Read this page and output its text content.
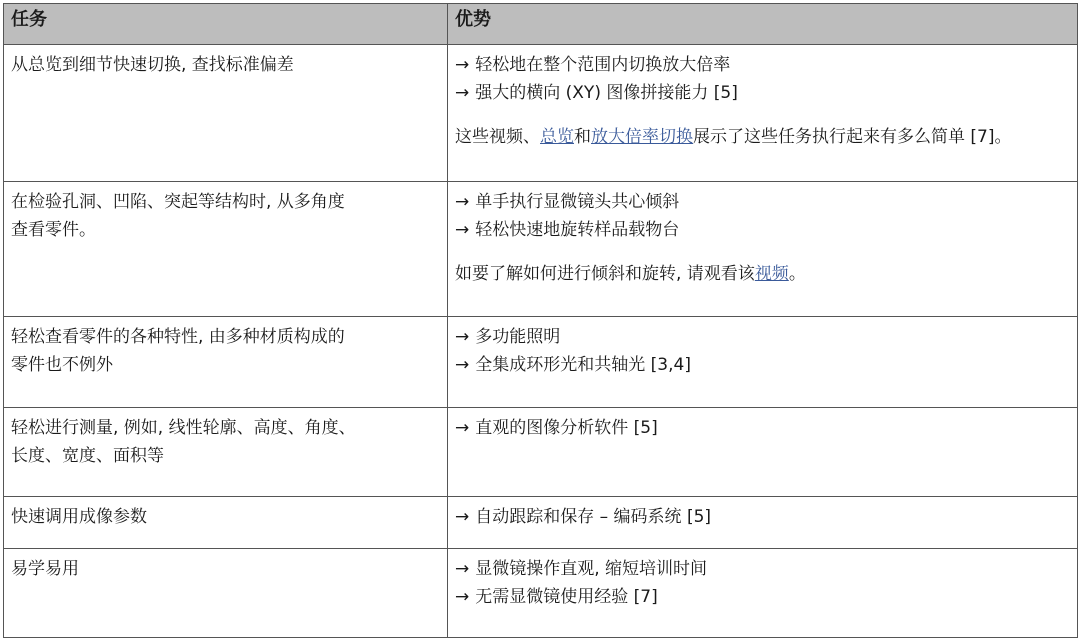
任务	优势

从总览到细节快速切换, 查找标准偏差	→ 轻松地在整个范围内切换放大倍率
→ 强大的横向 (XY) 图像拼接能力 [5]
这些视频、总览和放大倍率切换展示了这些任务执行起来有多么简单 [7]。

在检验孔洞、凹陷、突起等结构时, 从多角度
查看零件。	→ 单手执行显微镜头共心倾斜
→ 轻松快速地旋转样品载物台
如要了解如何进行倾斜和旋转, 请观看该视频。

轻松查看零件的各种特性, 由多种材质构成的
零件也不例外	→ 多功能照明
→ 全集成环形光和共轴光 [3,4]

轻松进行测量, 例如, 线性轮廓、高度、角度、
长度、宽度、面积等	→ 直观的图像分析软件 [5]

快速调用成像参数	→ 自动跟踪和保存 – 编码系统 [5]

易学易用	→ 显微镜操作直观, 缩短培训时间
→ 无需显微镜使用经验 [7]
